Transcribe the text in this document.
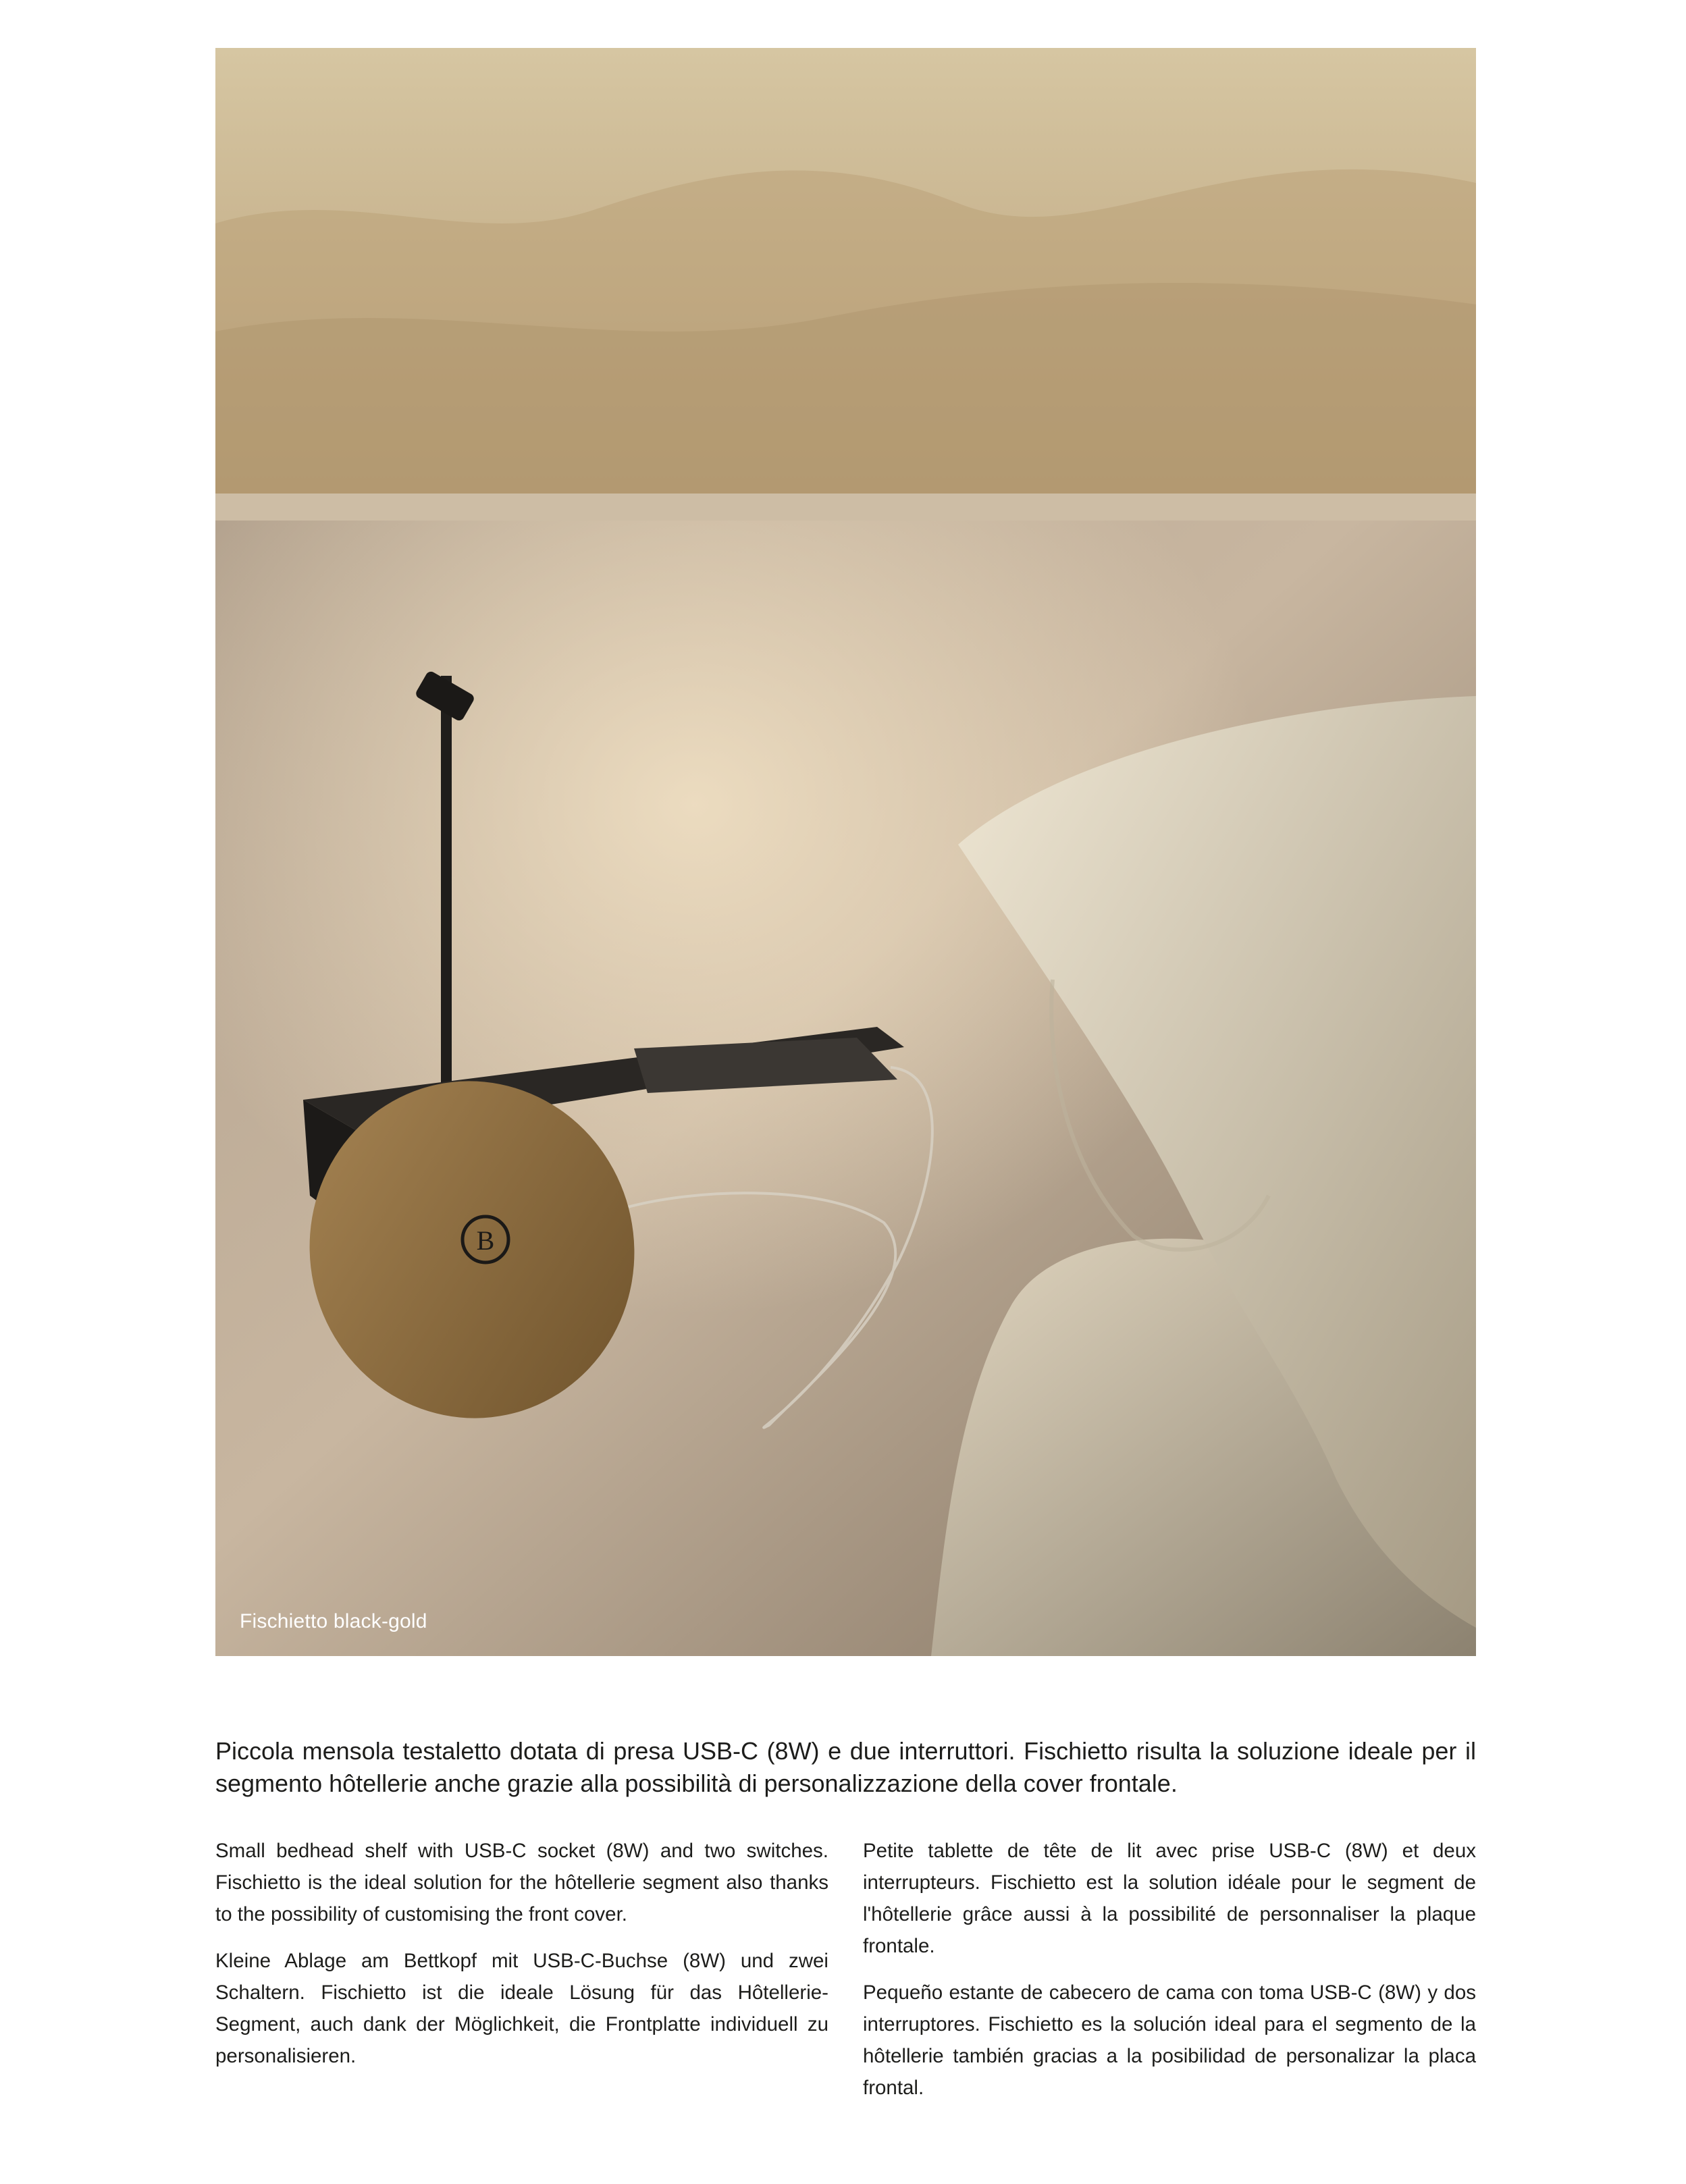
B
Fischietto black-gold
Piccola mensola testaletto dotata di presa USB-C (8W) e due interruttori. Fischietto risulta la soluzione ideale per il segmento hôtellerie anche grazie alla possibilità di personalizzazione della cover frontale.

Small bedhead shelf with USB-C socket (8W) and two switches. Fischietto is the ideal solution for the hôtellerie segment also thanks to the possibility of customising the front cover.

Kleine Ablage am Bettkopf mit USB-C-Buchse (8W) und zwei Schaltern. Fischietto ist die ideale Lösung für das Hôtellerie-Segment, auch dank der Möglichkeit, die Frontplatte individuell zu personalisieren.

Petite tablette de tête de lit avec prise USB-C (8W) et deux interrupteurs. Fischietto est la solution idéale pour le segment de l'hôtellerie grâce aussi à la possibilité de personnaliser la plaque frontale.

Pequeño estante de cabecero de cama con toma USB-C (8W) y dos interruptores. Fischietto es la solución ideal para el segmento de la hôtellerie también gracias a la posibilidad de personalizar la placa frontal.
